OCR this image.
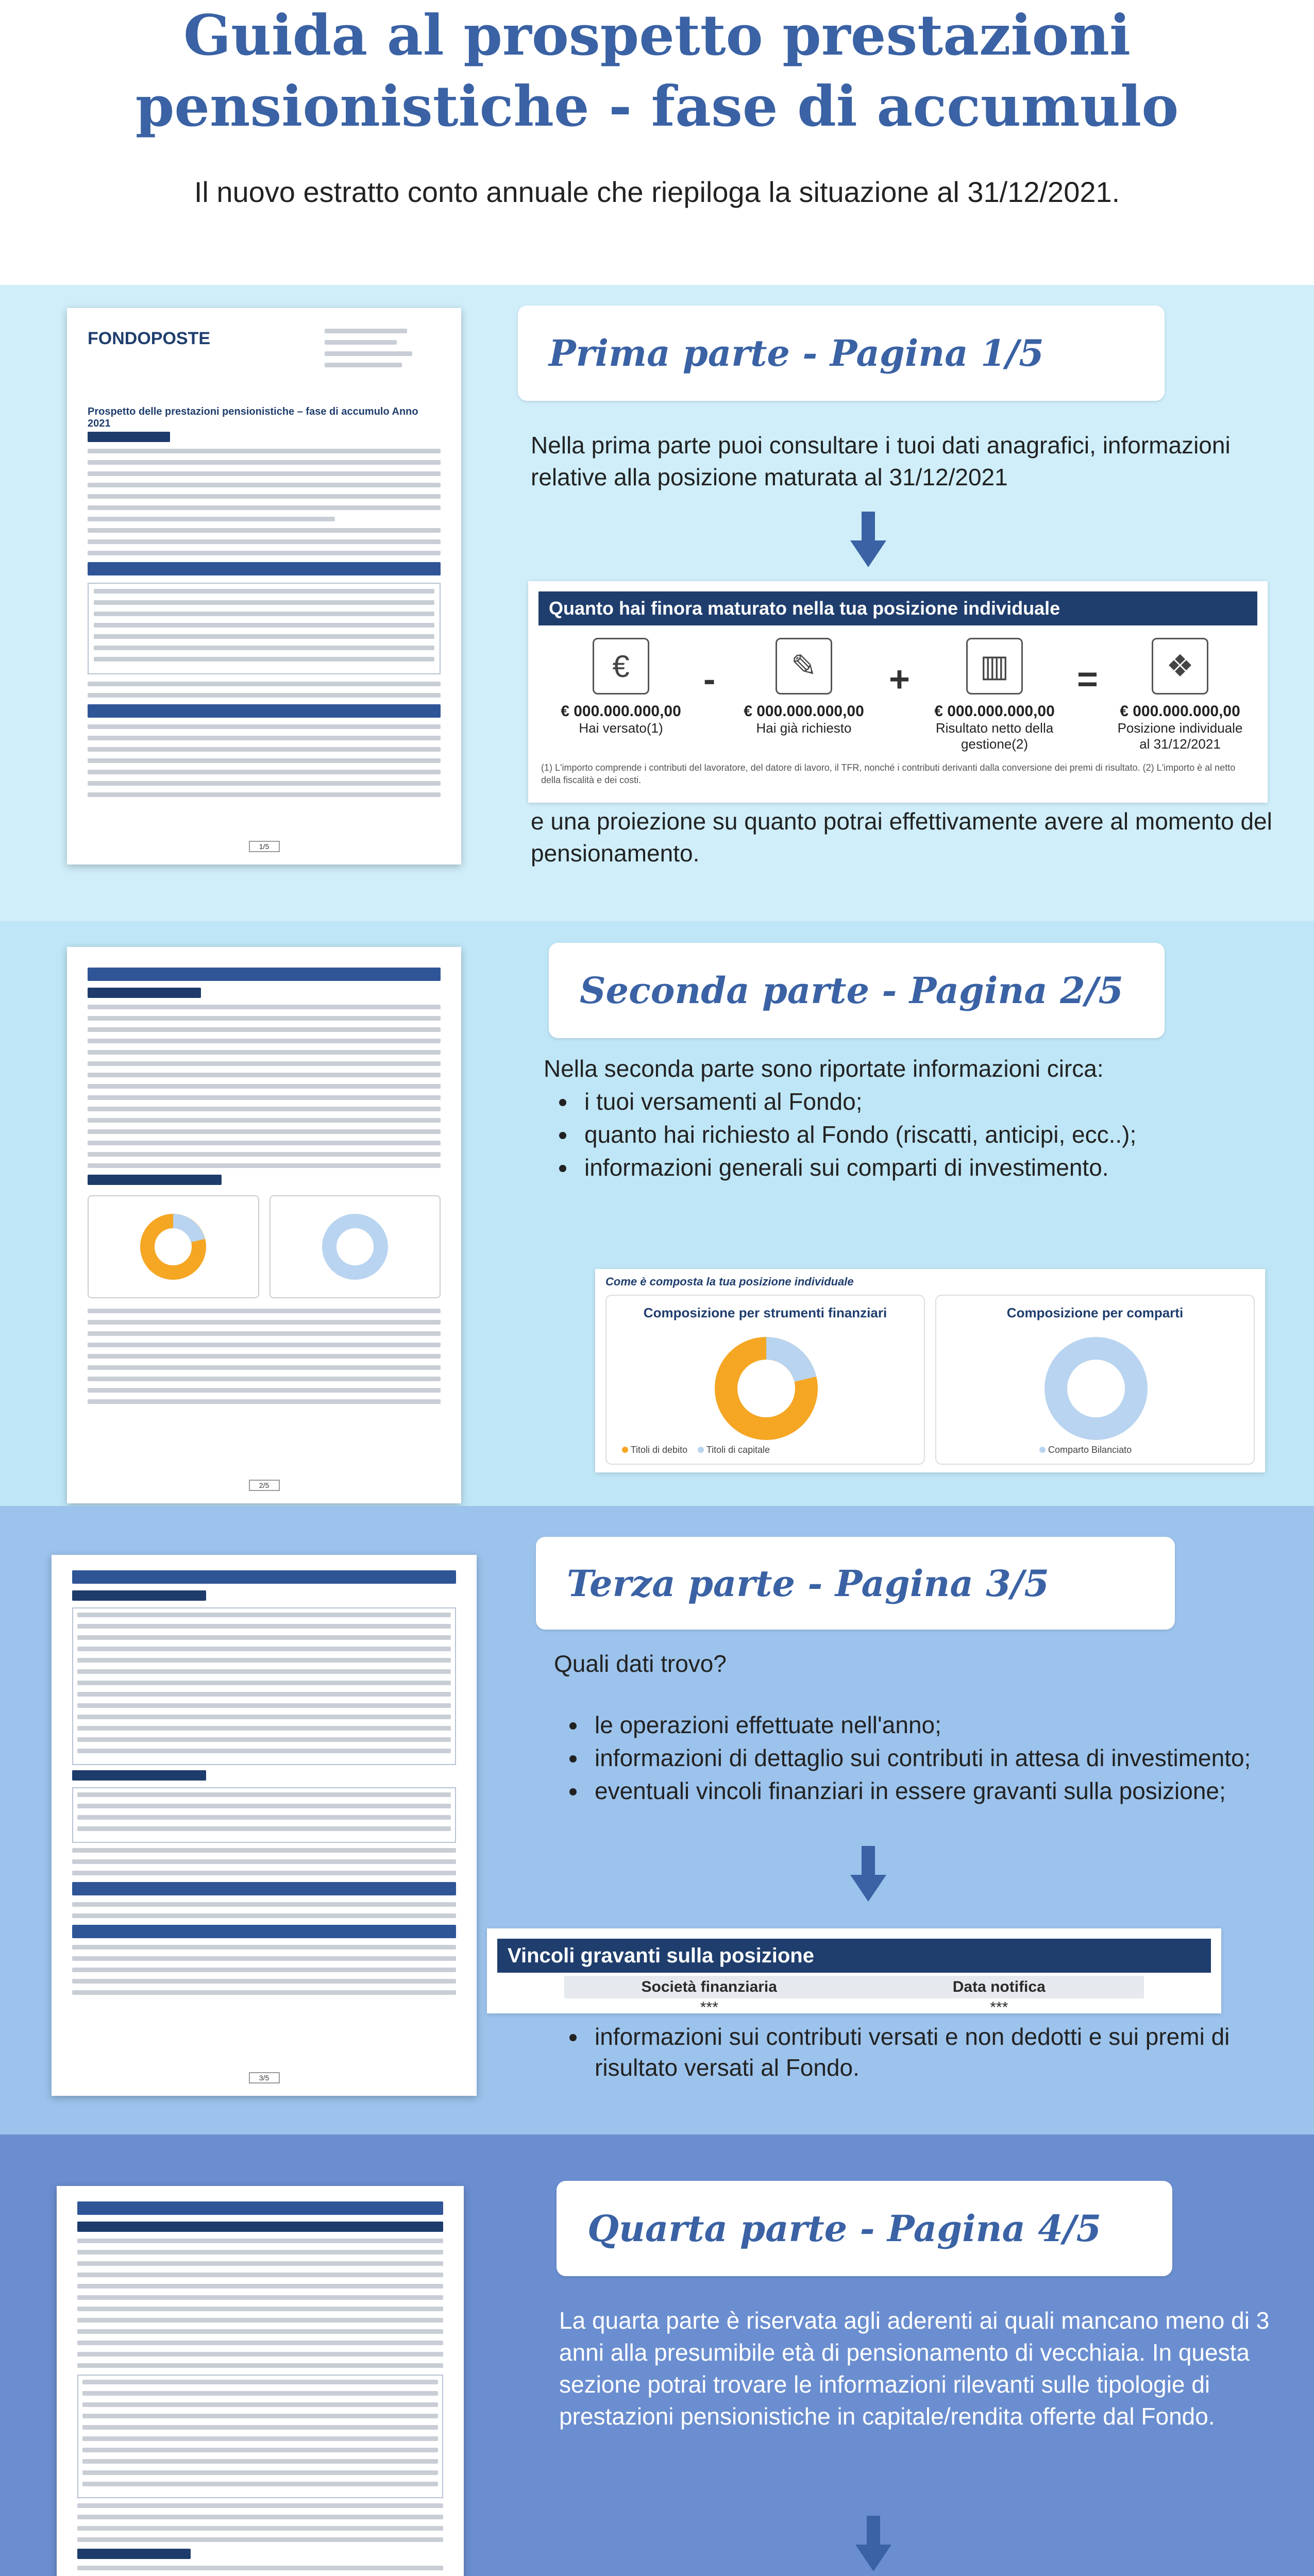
Guida al prospetto prestazioni
pensionistiche - fase di accumulo
Il nuovo estratto conto annuale che riepiloga la situazione al 31/12/2021.
FONDOPOSTE
Prospetto delle prestazioni pensionistiche – fase di accumulo Anno 2021
1/5
Prima parte - Pagina 1/5
Nella prima parte puoi consultare i tuoi dati anagrafici, informazioni relative alla posizione maturata al 31/12/2021
Quanto hai finora maturato nella tua posizione individuale
€
€ 000.000.000,00
Hai versato(1)
-	✎
€ 000.000.000,00
Hai già richiesto
+	▥
€ 000.000.000,00
Risultato netto della gestione(2)
=	❖
€ 000.000.000,00
Posizione individuale al 31/12/2021
(1) L'importo comprende i contributi del lavoratore, del datore di lavoro, il TFR, nonché i contributi derivanti dalla conversione dei premi di risultato. (2) L'importo è al netto della fiscalità e dei costi.
e una proiezione su quanto potrai effettivamente avere al momento del pensionamento.
2/5
Seconda parte - Pagina 2/5
Nella seconda parte sono riportate informazioni circa:
• i tuoi versamenti al Fondo;
• quanto hai richiesto al Fondo (riscatti, anticipi, ecc..);
• informazioni generali sui comparti di investimento.
Come è composta la tua posizione individuale
Composizione per strumenti finanziari
Titoli di debito Titoli di capitale
Composizione per comparti
Comparto Bilanciato
3/5
Terza parte - Pagina 3/5
Quali dati trovo?
• le operazioni effettuate nell'anno;
• informazioni di dettaglio sui contributi in attesa di investimento;
• eventuali vincoli finanziari in essere gravanti sulla posizione;
Vincoli gravanti sulla posizione
Società finanziaria	Data notifica
***	***
• informazioni sui contributi versati e non dedotti e sui premi di risultato versati al Fondo.
Quarta parte - Pagina 4/5
La quarta parte è riservata agli aderenti ai quali mancano meno di 3 anni alla presumibile età di pensionamento di vecchiaia. In questa sezione potrai trovare le informazioni rilevanti sulle tipologie di prestazioni pensionistiche in capitale/rendita offerte dal Fondo.
